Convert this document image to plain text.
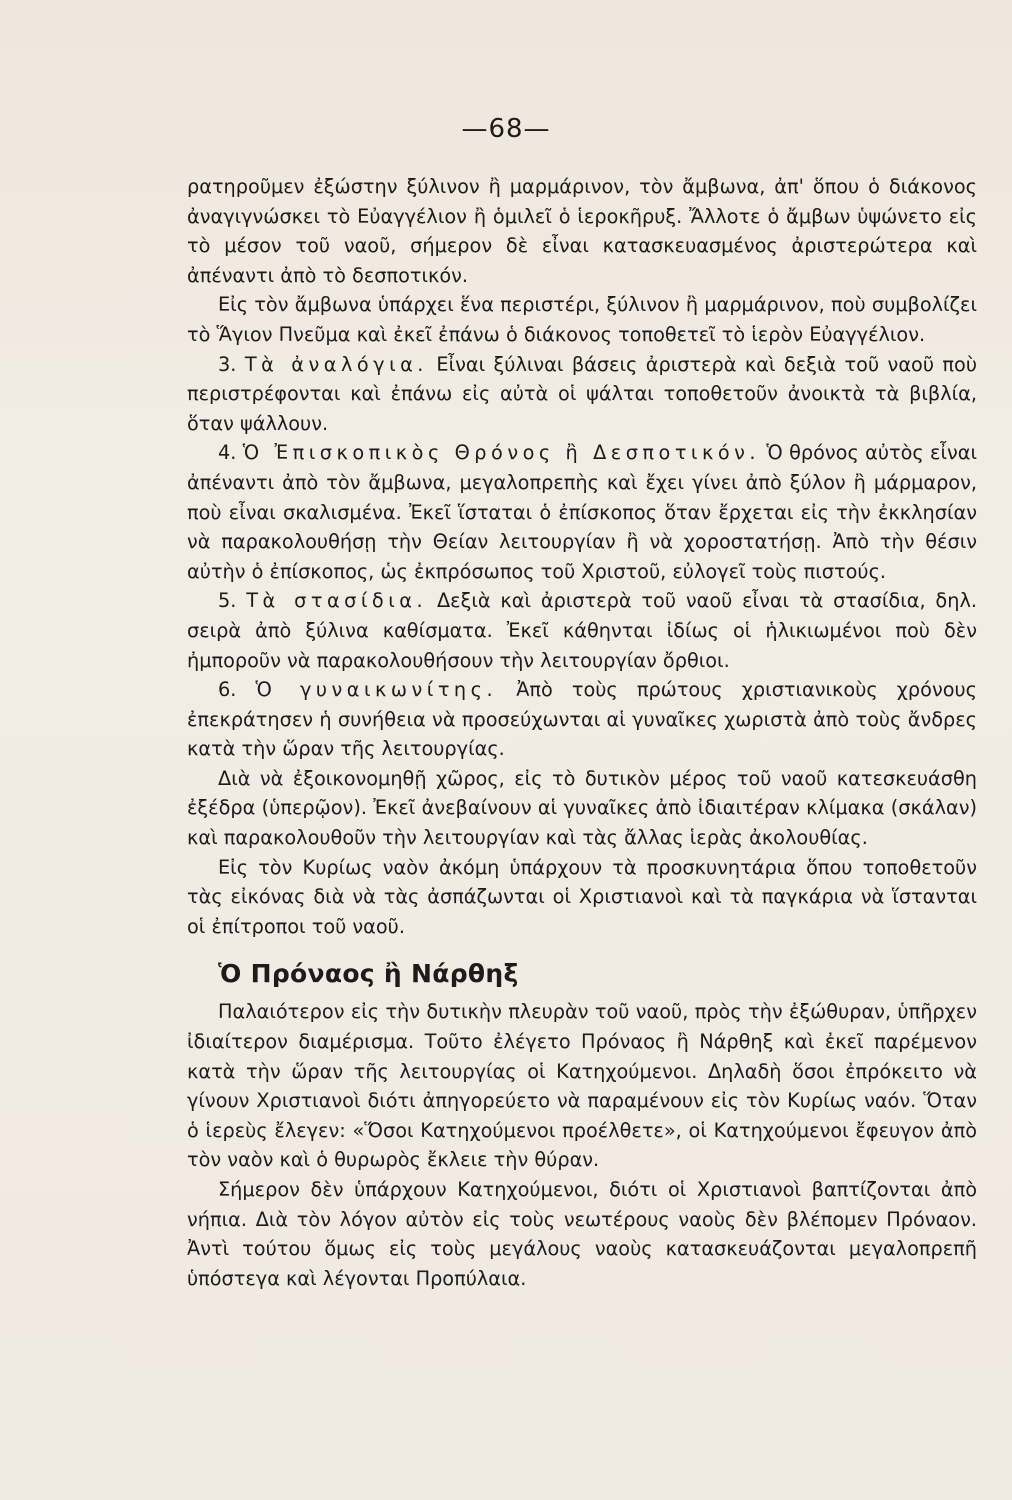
—68—

ρατηροῦμεν ἐξώστην ξύλινον ἢ μαρμάρινον, τὸν ἄμβωνα, ἀπ' ὅπου ὁ διάκονος ἀναγιγνώσκει τὸ Εὐαγγέλιον ἢ ὁμιλεῖ ὁ ἱεροκῆρυξ. Ἄλλοτε ὁ ἄμβων ὑψώνετο εἰς τὸ μέσον τοῦ ναοῦ, σήμερον δὲ εἶναι κατασκευασμένος ἀριστερώτερα καὶ ἀπέναντι ἀπὸ τὸ δεσποτικόν.

Εἰς τὸν ἄμβωνα ὑπάρχει ἕνα περιστέρι, ξύλινον ἢ μαρμάρινον, ποὺ συμβολίζει τὸ Ἅγιον Πνεῦμα καὶ ἐκεῖ ἐπάνω ὁ διάκονος τοποθετεῖ τὸ ἱερὸν Εὐαγγέλιον.

3. Τὰ ἀναλόγια. Εἶναι ξύλιναι βάσεις ἀριστερὰ καὶ δεξιὰ τοῦ ναοῦ ποὺ περιστρέφονται καὶ ἐπάνω εἰς αὐτὰ οἱ ψάλται τοποθετοῦν ἀνοικτὰ τὰ βιβλία, ὅταν ψάλλουν.

4. Ὁ Ἐπισκοπικὸς Θρόνος ἢ Δεσποτικόν. Ὁ θρόνος αὐτὸς εἶναι ἀπέναντι ἀπὸ τὸν ἄμβωνα, μεγαλοπρεπὴς καὶ ἔχει γίνει ἀπὸ ξύλον ἢ μάρμαρον, ποὺ εἶναι σκαλισμένα. Ἐκεῖ ἵσταται ὁ ἐπίσκοπος ὅταν ἔρχεται εἰς τὴν ἐκκλησίαν νὰ παρακολουθήσῃ τὴν Θείαν λειτουργίαν ἢ νὰ χοροστατήσῃ. Ἀπὸ τὴν θέσιν αὐτὴν ὁ ἐπίσκοπος, ὡς ἐκπρόσωπος τοῦ Χριστοῦ, εὐλογεῖ τοὺς πιστούς.

5. Τὰ στασίδια. Δεξιὰ καὶ ἀριστερὰ τοῦ ναοῦ εἶναι τὰ στασίδια, δηλ. σειρὰ ἀπὸ ξύλινα καθίσματα. Ἐκεῖ κάθηνται ἰδίως οἱ ἡλικιωμένοι ποὺ δὲν ἠμποροῦν νὰ παρακολουθήσουν τὴν λειτουργίαν ὄρθιοι.

6. Ὁ γυναικωνίτης. Ἀπὸ τοὺς πρώτους χριστιανικοὺς χρόνους ἐπεκράτησεν ἡ συνήθεια νὰ προσεύχωνται αἱ γυναῖκες χωριστὰ ἀπὸ τοὺς ἄνδρες κατὰ τὴν ὥραν τῆς λειτουργίας.

Διὰ νὰ ἐξοικονομηθῇ χῶρος, εἰς τὸ δυτικὸν μέρος τοῦ ναοῦ κατεσκευάσθη ἐξέδρα (ὑπερῷον). Ἐκεῖ ἀνεβαίνουν αἱ γυναῖκες ἀπὸ ἰδιαιτέραν κλίμακα (σκάλαν) καὶ παρακολουθοῦν τὴν λειτουργίαν καὶ τὰς ἄλλας ἱερὰς ἀκολουθίας.

Εἰς τὸν Κυρίως ναὸν ἀκόμη ὑπάρχουν τὰ προσκυνητάρια ὅπου τοποθετοῦν τὰς εἰκόνας διὰ νὰ τὰς ἀσπάζωνται οἱ Χριστιανοὶ καὶ τὰ παγκάρια νὰ ἵστανται οἱ ἐπίτροποι τοῦ ναοῦ.

Ὁ Πρόναος ἢ Νάρθηξ

Παλαιότερον εἰς τὴν δυτικὴν πλευρὰν τοῦ ναοῦ, πρὸς τὴν ἐξώθυραν, ὑπῆρχεν ἰδιαίτερον διαμέρισμα. Τοῦτο ἐλέγετο Πρόναος ἢ Νάρθηξ καὶ ἐκεῖ παρέμενον κατὰ τὴν ὥραν τῆς λειτουργίας οἱ Κατηχούμενοι. Δηλαδὴ ὅσοι ἐπρόκειτο νὰ γίνουν Χριστιανοὶ διότι ἀπηγορεύετο νὰ παραμένουν εἰς τὸν Κυρίως ναόν. Ὅταν ὁ ἱερεὺς ἔλεγεν: «Ὅσοι Κατηχούμενοι προέλθετε», οἱ Κατηχούμενοι ἔφευγον ἀπὸ τὸν ναὸν καὶ ὁ θυρωρὸς ἔκλειε τὴν θύραν.

Σήμερον δὲν ὑπάρχουν Κατηχούμενοι, διότι οἱ Χριστιανοὶ βαπτίζονται ἀπὸ νήπια. Διὰ τὸν λόγον αὐτὸν εἰς τοὺς νεωτέρους ναοὺς δὲν βλέπομεν Πρόναον. Ἀντὶ τούτου ὅμως εἰς τοὺς μεγάλους ναοὺς κατασκευάζονται μεγαλοπρεπῆ ὑπόστεγα καὶ λέγονται Προπύλαια.
